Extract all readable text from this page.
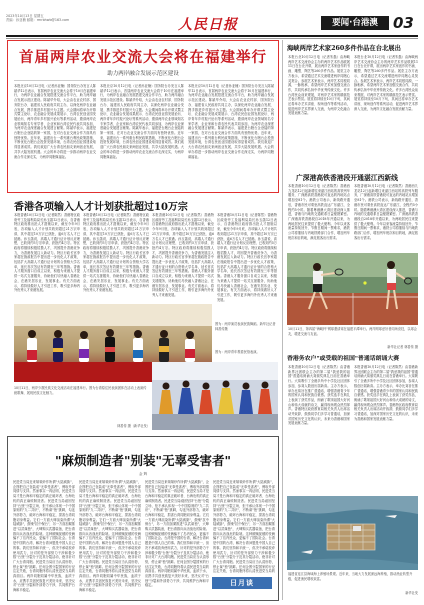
2023年10月13日 星期五
责编：孙亚楠 邮箱：rmrbhwb@163.com	人民日报	要闻·台港澳	03
首届两岸农业交流大会将在福建举行
助力两岸融合发展示范区建设
本报北京10月12日电（记者孙亚楠）国务院台办发言人陈斌华12日表示，首届两岸农业交流大会将于10月在福建举行，为两岸农业融合发展搭建交流合作平台，助力两岸融合发展示范区建设。陈斌华介绍，大会由农业农村部、国务院台办、福建省人民政府共同主办，以深化两岸农业融合发展、携手推进乡村振兴为主题。大会期间将举办开幕式暨主论坛、农业融合发展成果展示、台湾农民创业园发展论坛、两岸青年乡村振兴论坛等系列活动，邀请两岸农业领域知名专家学者、企业家和台湾农民代表共同参加，为两岸农业深度融合发展建言献策。陈斌华表示，福建是台胞台企登陆的第一家园，在对台农业交流合作方面具有独特优势。近年来，福建出台一系列惠台利民政策措施，不断优化台胞台企投资发展环境，台湾农民创业园建设取得显著成效。我们欢迎广大台湾农民朋友来闽创业发展，共享大陆发展机遇。大会的举办将进一步推动两岸农业交流合作走深走实，为两岸同胞谋福祉。
本报北京10月12日电（记者孙亚楠）国务院台办发言人陈斌华12日表示，首届两岸农业交流大会将于10月在福建举行，为两岸农业融合发展搭建交流合作平台，助力两岸融合发展示范区建设。陈斌华介绍，大会由农业农村部、国务院台办、福建省人民政府共同主办，以深化两岸农业融合发展、携手推进乡村振兴为主题。大会期间将举办开幕式暨主论坛、农业融合发展成果展示、台湾农民创业园发展论坛、两岸青年乡村振兴论坛等系列活动，邀请两岸农业领域知名专家学者、企业家和台湾农民代表共同参加，为两岸农业深度融合发展建言献策。陈斌华表示，福建是台胞台企登陆的第一家园，在对台农业交流合作方面具有独特优势。近年来，福建出台一系列惠台利民政策措施，不断优化台胞台企投资发展环境，台湾农民创业园建设取得显著成效。我们欢迎广大台湾农民朋友来闽创业发展，共享大陆发展机遇。大会的举办将进一步推动两岸农业交流合作走深走实，为两岸同胞谋福祉。
本报北京10月12日电（记者孙亚楠）国务院台办发言人陈斌华12日表示，首届两岸农业交流大会将于10月在福建举行，为两岸农业融合发展搭建交流合作平台，助力两岸融合发展示范区建设。陈斌华介绍，大会由农业农村部、国务院台办、福建省人民政府共同主办，以深化两岸农业融合发展、携手推进乡村振兴为主题。大会期间将举办开幕式暨主论坛、农业融合发展成果展示、台湾农民创业园发展论坛、两岸青年乡村振兴论坛等系列活动，邀请两岸农业领域知名专家学者、企业家和台湾农民代表共同参加，为两岸农业深度融合发展建言献策。陈斌华表示，福建是台胞台企登陆的第一家园，在对台农业交流合作方面具有独特优势。近年来，福建出台一系列惠台利民政策措施，不断优化台胞台企投资发展环境，台湾农民创业园建设取得显著成效。我们欢迎广大台湾农民朋友来闽创业发展，共享大陆发展机遇。大会的举办将进一步推动两岸农业交流合作走深走实，为两岸同胞谋福祉。
香港各项输入人才计划获批超过10万宗
本报香港10月12日电（记者陈然）香港特区政府劳工及福利局局长孙玉菡12日表示，自香港特区政府推出抢人才措施以来，截至今年9月底，各项输入人才计划共收到超过21万宗申请，其中超过10万宗已获批，逾6万名人才已抵港。孙玉菡说，高端人才通行证计划反应理想，已收到约5万宗申请，获批约4万宗。特区政府将继续积极招揽人才，巩固提升香港竞争力，为香港发展注入新动力。特区行政长官李家超在施政报告中提出进一步优化人才政策，包括扩大高端人才通行证计划的合资格大学名单，延长首次签证有效期至三年等措施。香港人才服务窗口自成立以来，积极为来港人才提供一站式支援服务，协助他们尽快融入香港社会，在港安居乐业、发展事业。有关方面表示，将持续做好人才引进工作，吸引更多海内外优秀人才来港发展。
本报香港10月12日电（记者陈然）香港特区政府劳工及福利局局长孙玉菡12日表示，自香港特区政府推出抢人才措施以来，截至今年9月底，各项输入人才计划共收到超过21万宗申请，其中超过10万宗已获批，逾6万名人才已抵港。孙玉菡说，高端人才通行证计划反应理想，已收到约5万宗申请，获批约4万宗。特区政府将继续积极招揽人才，巩固提升香港竞争力，为香港发展注入新动力。特区行政长官李家超在施政报告中提出进一步优化人才政策，包括扩大高端人才通行证计划的合资格大学名单，延长首次签证有效期至三年等措施。香港人才服务窗口自成立以来，积极为来港人才提供一站式支援服务，协助他们尽快融入香港社会，在港安居乐业、发展事业。有关方面表示，将持续做好人才引进工作，吸引更多海内外优秀人才来港发展。
本报香港10月12日电（记者陈然）香港特区政府劳工及福利局局长孙玉菡12日表示，自香港特区政府推出抢人才措施以来，截至今年9月底，各项输入人才计划共收到超过21万宗申请，其中超过10万宗已获批，逾6万名人才已抵港。孙玉菡说，高端人才通行证计划反应理想，已收到约5万宗申请，获批约4万宗。特区政府将继续积极招揽人才，巩固提升香港竞争力，为香港发展注入新动力。特区行政长官李家超在施政报告中提出进一步优化人才政策，包括扩大高端人才通行证计划的合资格大学名单，延长首次签证有效期至三年等措施。香港人才服务窗口自成立以来，积极为来港人才提供一站式支援服务，协助他们尽快融入香港社会，在港安居乐业、发展事业。有关方面表示，将持续做好人才引进工作，吸引更多海内外优秀人才来港发展。
本报香港10月12日电（记者陈然）香港特区政府劳工及福利局局长孙玉菡12日表示，自香港特区政府推出抢人才措施以来，截至今年9月底，各项输入人才计划共收到超过21万宗申请，其中超过10万宗已获批，逾6万名人才已抵港。孙玉菡说，高端人才通行证计划反应理想，已收到约5万宗申请，获批约4万宗。特区政府将继续积极招揽人才，巩固提升香港竞争力，为香港发展注入新动力。特区行政长官李家超在施政报告中提出进一步优化人才政策，包括扩大高端人才通行证计划的合资格大学名单，延长首次签证有效期至三年等措施。香港人才服务窗口自成立以来，积极为来港人才提供一站式支援服务，协助他们尽快融入香港社会，在港安居乐业、发展事业。有关方面表示，将持续做好人才引进工作，吸引更多海内外优秀人才来港发展。
图为：两岸演员表演民族舞蹈。新华社记者 林善传摄
图为：两岸青年观看民俗表演。
10月11日，两岸少数民族文化交流活动在福建举行。图为台湾原住民表演团体在活动上表演传统歌舞，展现民族文化魅力。
林善传 摄（新华社发）
"麻烦制造者"别装"无辜受害者"
金 辉
民进党当局近来频频炒作所谓"大陆威胁"，企图把自己包装成"无辜受害者"，博取外部同情与支持。然而事实一再证明，民进党当局才是台海和平稳定的真正破坏者、台海危机的真正麻烦制造者。民进党当局顽固坚持"台独"分裂立场，拒不承认体现一个中国原则的"九二共识"，不断谋"独"挑衅，勾连外部势力，破坏台海和平稳定，损害台湾同胞切身利益。它们一方面大肆渲染所谓"大陆威胁"，鼓噪"抗中保台"，另一方面加紧推进"以武谋独"，大肆购买武器装备，把台湾推向兵凶战危的险境。这种贼喊捉贼的伎俩骗不了岛内民众，更骗不了国际社会。台湾是中国的台湾，解决台湾问题是中国人自己的事。我们坚持和平统一，但决不承诺放弃使用武力，针对的是外部势力干涉和极少数"台独"分裂分子及其分裂活动，绝非针对广大台湾同胞。民进党当局应当认清形势，停止谋"独"挑衅。任何企图分裂国家的行径注定失败，台湾同胞终将认清民进党当局的真面目。两岸同胞同属中华民族，血浓于水，应携手共创民族复兴美好未来，坚决反对"台独"分裂和外部势力干涉，共同维护台海和平稳定。
民进党当局近来频频炒作所谓"大陆威胁"，企图把自己包装成"无辜受害者"，博取外部同情与支持。然而事实一再证明，民进党当局才是台海和平稳定的真正破坏者、台海危机的真正麻烦制造者。民进党当局顽固坚持"台独"分裂立场，拒不承认体现一个中国原则的"九二共识"，不断谋"独"挑衅，勾连外部势力，破坏台海和平稳定，损害台湾同胞切身利益。它们一方面大肆渲染所谓"大陆威胁"，鼓噪"抗中保台"，另一方面加紧推进"以武谋独"，大肆购买武器装备，把台湾推向兵凶战危的险境。这种贼喊捉贼的伎俩骗不了岛内民众，更骗不了国际社会。台湾是中国的台湾，解决台湾问题是中国人自己的事。我们坚持和平统一，但决不承诺放弃使用武力，针对的是外部势力干涉和极少数"台独"分裂分子及其分裂活动，绝非针对广大台湾同胞。民进党当局应当认清形势，停止谋"独"挑衅。任何企图分裂国家的行径注定失败，台湾同胞终将认清民进党当局的真面目。两岸同胞同属中华民族，血浓于水，应携手共创民族复兴美好未来，坚决反对"台独"分裂和外部势力干涉，共同维护台海和平稳定。
民进党当局近来频频炒作所谓"大陆威胁"，企图把自己包装成"无辜受害者"，博取外部同情与支持。然而事实一再证明，民进党当局才是台海和平稳定的真正破坏者、台海危机的真正麻烦制造者。民进党当局顽固坚持"台独"分裂立场，拒不承认体现一个中国原则的"九二共识"，不断谋"独"挑衅，勾连外部势力，破坏台海和平稳定，损害台湾同胞切身利益。它们一方面大肆渲染所谓"大陆威胁"，鼓噪"抗中保台"，另一方面加紧推进"以武谋独"，大肆购买武器装备，把台湾推向兵凶战危的险境。这种贼喊捉贼的伎俩骗不了岛内民众，更骗不了国际社会。台湾是中国的台湾，解决台湾问题是中国人自己的事。我们坚持和平统一，但决不承诺放弃使用武力，针对的是外部势力干涉和极少数"台独"分裂分子及其分裂活动，绝非针对广大台湾同胞。民进党当局应当认清形势，停止谋"独"挑衅。任何企图分裂国家的行径注定失败，台湾同胞终将认清民进党当局的真面目。两岸同胞同属中华民族，血浓于水，应携手共创民族复兴美好未来，坚决反对"台独"分裂和外部势力干涉，共同维护台海和平稳定。
民进党当局近来频频炒作所谓"大陆威胁"，企图把自己包装成"无辜受害者"，博取外部同情与支持。然而事实一再证明，民进党当局才是台海和平稳定的真正破坏者、台海危机的真正麻烦制造者。民进党当局顽固坚持"台独"分裂立场，拒不承认体现一个中国原则的"九二共识"，不断谋"独"挑衅，勾连外部势力，破坏台海和平稳定，损害台湾同胞切身利益。它们一方面大肆渲染所谓"大陆威胁"，鼓噪"抗中保台"，另一方面加紧推进"以武谋独"，大肆购买武器装备，把台湾推向兵凶战危的险境。这种贼喊捉贼的伎俩骗不了岛内民众，更骗不了国际社会。台湾是中国的台湾，解决台湾问题是中国人自己的事。我们坚持和平统一，但决不承诺放弃使用武力，针对的是外部势力干涉和极少数"台独"分裂分子及其分裂活动，绝非针对广大台湾同胞。民进党当局应当认清形势，停止谋"独"挑衅。任何企图分裂国家的行径注定失败，台湾同胞终将认清民进党当局的
日月谈
海峡两岸艺术家260多件作品在台北展出
本报台北10月12日电（记者朱磊）由海峡两岸艺术交流协会主办的两岸艺术作品联展11日在台北开幕，展出两岸艺术家创作的书画、雕塑、陶艺等260多件作品。展览主办方表示，希望通过艺术交流增进两岸同胞心灵契合。参展艺术家表示，两岸艺术同根同源，一脉相承，希望两岸艺术家加强交流合作，共同传承弘扬中华优秀传统文化。许多台湾民众前来观展，对两岸艺术家的精湛技艺表示赞赏。展览将持续至10月下旬，其间还将举办艺术讲座、现场创作等系列活动，促进两岸艺术界深入交流，为两岸文化融合发展贡献力量。
本报台北10月12日电（记者朱磊）由海峡两岸艺术交流协会主办的两岸艺术作品联展11日在台北开幕，展出两岸艺术家创作的书画、雕塑、陶艺等260多件作品。展览主办方表示，希望通过艺术交流增进两岸同胞心灵契合。参展艺术家表示，两岸艺术同根同源，一脉相承，希望两岸艺术家加强交流合作，共同传承弘扬中华优秀传统文化。许多台湾民众前来观展，对两岸艺术家的精湛技艺表示赞赏。展览将持续至10月下旬，其间还将举办艺术讲座、现场创作等系列活动，促进两岸艺术界深入交流，为两岸文化融合发展贡献力量。
广深港高铁香港段开通湛江西新线
本报香港10月12日电（记者陈然）香港西九龙站12日起新增往来湛江西站的高铁列车服务，广深港高铁香港段可直达的内地站点增加至81个。港铁公司表示，新线路开通后，香港市民可乘坐高铁直达广东湛江，全程约5小时。随着粤港澳大湾区建设深入推进，香港与内地的交通联系日益便捷紧密。广深港高铁香港段自2018年开通以来，为两地居民往来提供了极大便利。今年以来客流量持续回升，节假日期间一票难求，港铁公司将继续与内地铁路部门合作，增加列车班次和目的地，满足旅客出行需求。
本报香港10月12日电（记者陈然）香港西九龙站12日起新增往来湛江西站的高铁列车服务，广深港高铁香港段可直达的内地站点增加至81个。港铁公司表示，新线路开通后，香港市民可乘坐高铁直达广东湛江，全程约5小时。随着粤港澳大湾区建设深入推进，香港与内地的交通联系日益便捷紧密。广深港高铁香港段自2018年开通以来，为两地居民往来提供了极大便利。今年以来客流量持续回升，节假日期间一票难求，港铁公司将继续与内地铁路部门合作，增加列车班次和目的地，满足旅客出行需求。
10月11日，第四届"海峡杯"网球邀请赛在福建平潭举行。两岸网球爱好者同场竞技，以球会友，增进交流与友谊。
新华社记者 林善传 摄
香港务农户"或受载的祖国"普通话朗诵大赛
本报香港10月12日电（记者陈然）由香港新界社团联会主办的第二届"我爱我的祖国"普通话朗诵大赛颁奖典礼日前在香港举行。大赛吸引了全港多所中小学及社区团体参加，参赛人数创历届新高。主办方表示，举办比赛旨在推广普通话，增强香港青少年的国家认同和民族自豪感。获奖选手在典礼上表演了获奖作品，朗诵了歌颂祖国大好河山和伟大成就的诗文，赢得现场观众热烈掌声。香港特区政府教育局相关负责人出席活动并致辞，鼓励同学们多学习普通话，加深对国家历史文化的认识，未来为香港和国家发展贡献力量。
本报香港10月12日电（记者陈然）由香港新界社团联会主办的第二届"我爱我的祖国"普通话朗诵大赛颁奖典礼日前在香港举行。大赛吸引了全港多所中小学及社区团体参加，参赛人数创历届新高。主办方表示，举办比赛旨在推广普通话，增强香港青少年的国家认同和民族自豪感。获奖选手在典礼上表演了获奖作品，朗诵了歌颂祖国大好河山和伟大成就的诗文，赢得现场观众热烈掌声。香港特区政府教育局相关负责人出席活动并致辞，鼓励同学们多学习普通话，加深对国家历史文化的认识，未来为香港和国家发展贡献力量。
福建省连江县海域海上养殖场景观。近年来，当地大力发展深远海养殖，推动渔业转型升级，促进渔民增收致富。
新华社发
